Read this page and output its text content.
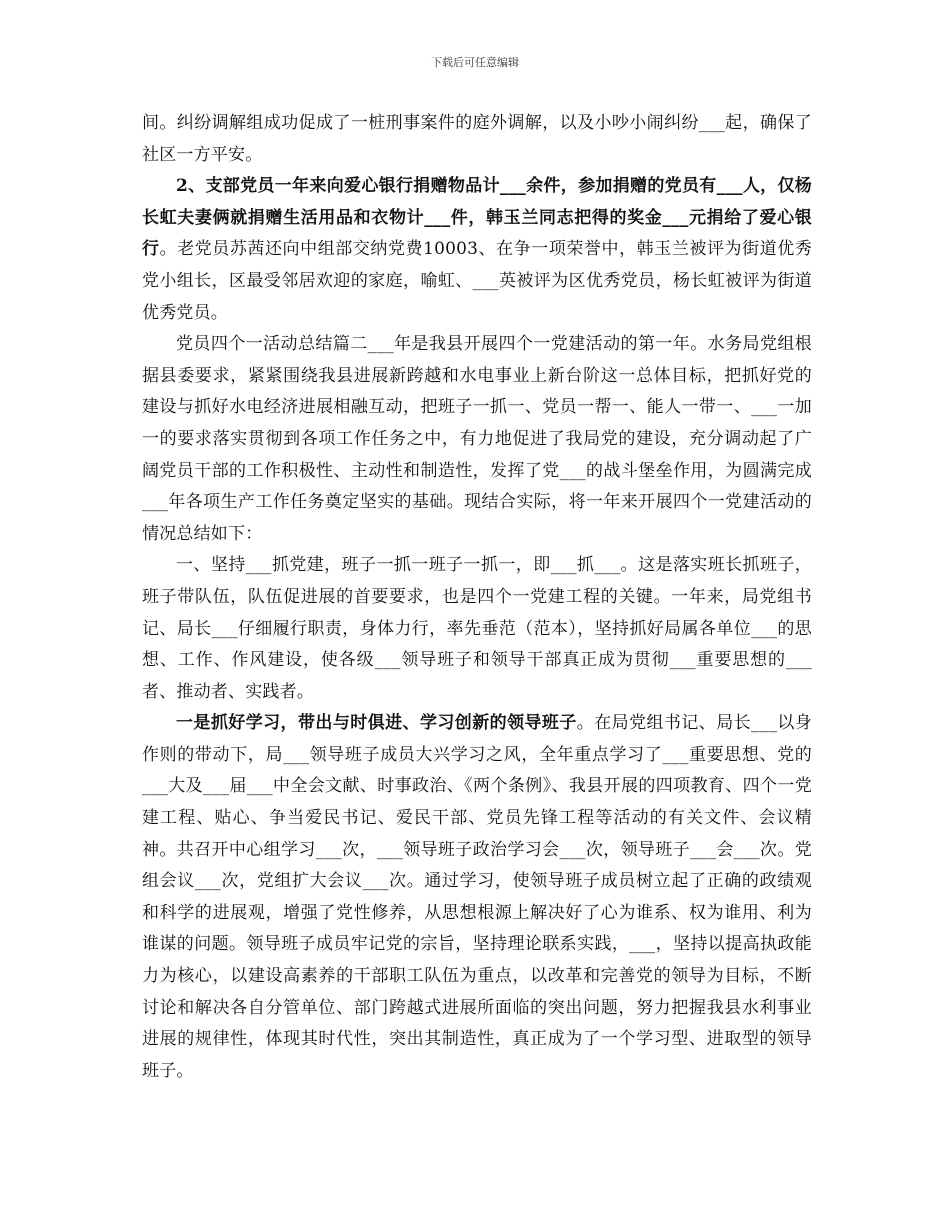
下载后可任意编辑

间。纠纷调解组成功促成了一桩刑事案件的庭外调解，以及小吵小闹纠纷___起，确保了社区一方平安。

2、支部党员一年来向爱心银行捐赠物品计___余件，参加捐赠的党员有___人，仅杨长虹夫妻俩就捐赠生活用品和衣物计___件，韩玉兰同志把得的奖金___元捐给了爱心银行。老党员苏茜还向中组部交纳党费10003、在争一项荣誉中，韩玉兰被评为街道优秀党小组长，区最受邻居欢迎的家庭，喻虹、___英被评为区优秀党员，杨长虹被评为街道优秀党员。

党员四个一活动总结篇二___年是我县开展四个一党建活动的第一年。水务局党组根据县委要求，紧紧围绕我县进展新跨越和水电事业上新台阶这一总体目标，把抓好党的建设与抓好水电经济进展相融互动，把班子一抓一、党员一帮一、能人一带一、___一加一的要求落实贯彻到各项工作任务之中，有力地促进了我局党的建设，充分调动起了广阔党员干部的工作积极性、主动性和制造性，发挥了党___的战斗堡垒作用，为圆满完成___年各项生产工作任务奠定坚实的基础。现结合实际，将一年来开展四个一党建活动的情况总结如下：

一、坚持___抓党建，班子一抓一班子一抓一，即___抓___。这是落实班长抓班子，班子带队伍，队伍促进展的首要要求，也是四个一党建工程的关键。一年来，局党组书记、局长___仔细履行职责，身体力行，率先垂范（范本），坚持抓好局属各单位___的思想、工作、作风建设，使各级___领导班子和领导干部真正成为贯彻___重要思想的___者、推动者、实践者。

一是抓好学习，带出与时俱进、学习创新的领导班子。在局党组书记、局长___以身作则的带动下，局___领导班子成员大兴学习之风，全年重点学习了___重要思想、党的___大及___届___中全会文献、时事政治、《两个条例》、我县开展的四项教育、四个一党建工程、贴心、争当爱民书记、爱民干部、党员先锋工程等活动的有关文件、会议精神。共召开中心组学习___次，___领导班子政治学习会___次，领导班子___会___次。党组会议___次，党组扩大会议___次。通过学习，使领导班子成员树立起了正确的政绩观和科学的进展观，增强了党性修养，从思想根源上解决好了心为谁系、权为谁用、利为谁谋的问题。领导班子成员牢记党的宗旨，坚持理论联系实践，___，坚持以提高执政能力为核心，以建设高素养的干部职工队伍为重点，以改革和完善党的领导为目标，不断讨论和解决各自分管单位、部门跨越式进展所面临的突出问题，努力把握我县水利事业进展的规律性，体现其时代性，突出其制造性，真正成为了一个学习型、进取型的领导班子。
